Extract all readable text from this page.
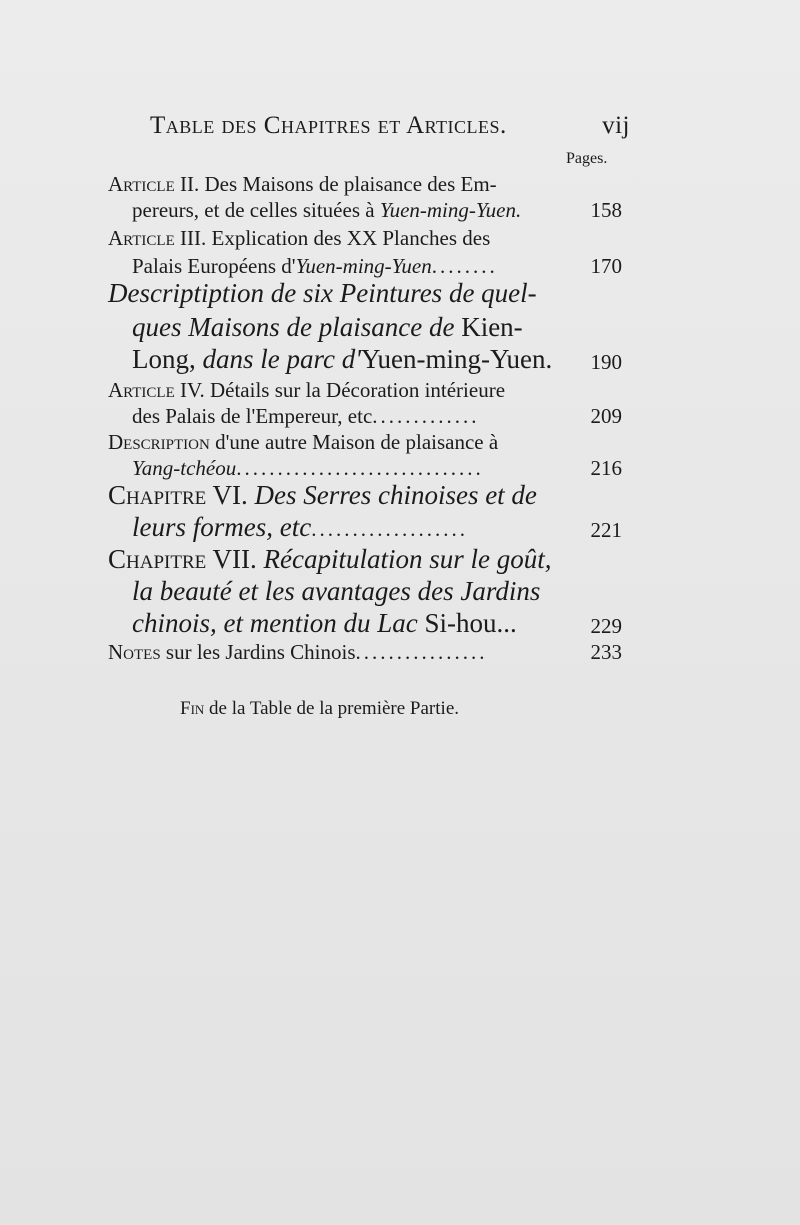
Table des Chapitres et Articles.	vij
Pages.
Article II. Des Maisons de plaisance des Em-
pereurs, et de celles situées à Yuen-ming-Yuen.	158
Article III. Explication des XX Planches des
Palais Européens d'Yuen-ming-Yuen........	170
Descriptiption de six Peintures de quel-
ques Maisons de plaisance de Kien-
Long, dans le parc d'Yuen-ming-Yuen. 190
Article IV. Détails sur la Décoration intérieure
des Palais de l'Empereur, etc.............	209
Description d'une autre Maison de plaisance à
Yang-tchéou..............................	216
Chapitre VI. Des Serres chinoises et de
leurs formes, etc...................	221
Chapitre VII. Récapitulation sur le goût,
la beauté et les avantages des Jardins
chinois, et mention du Lac Si-hou...	229
Notes sur les Jardins Chinois................	233
Fin de la Table de la première Partie.
